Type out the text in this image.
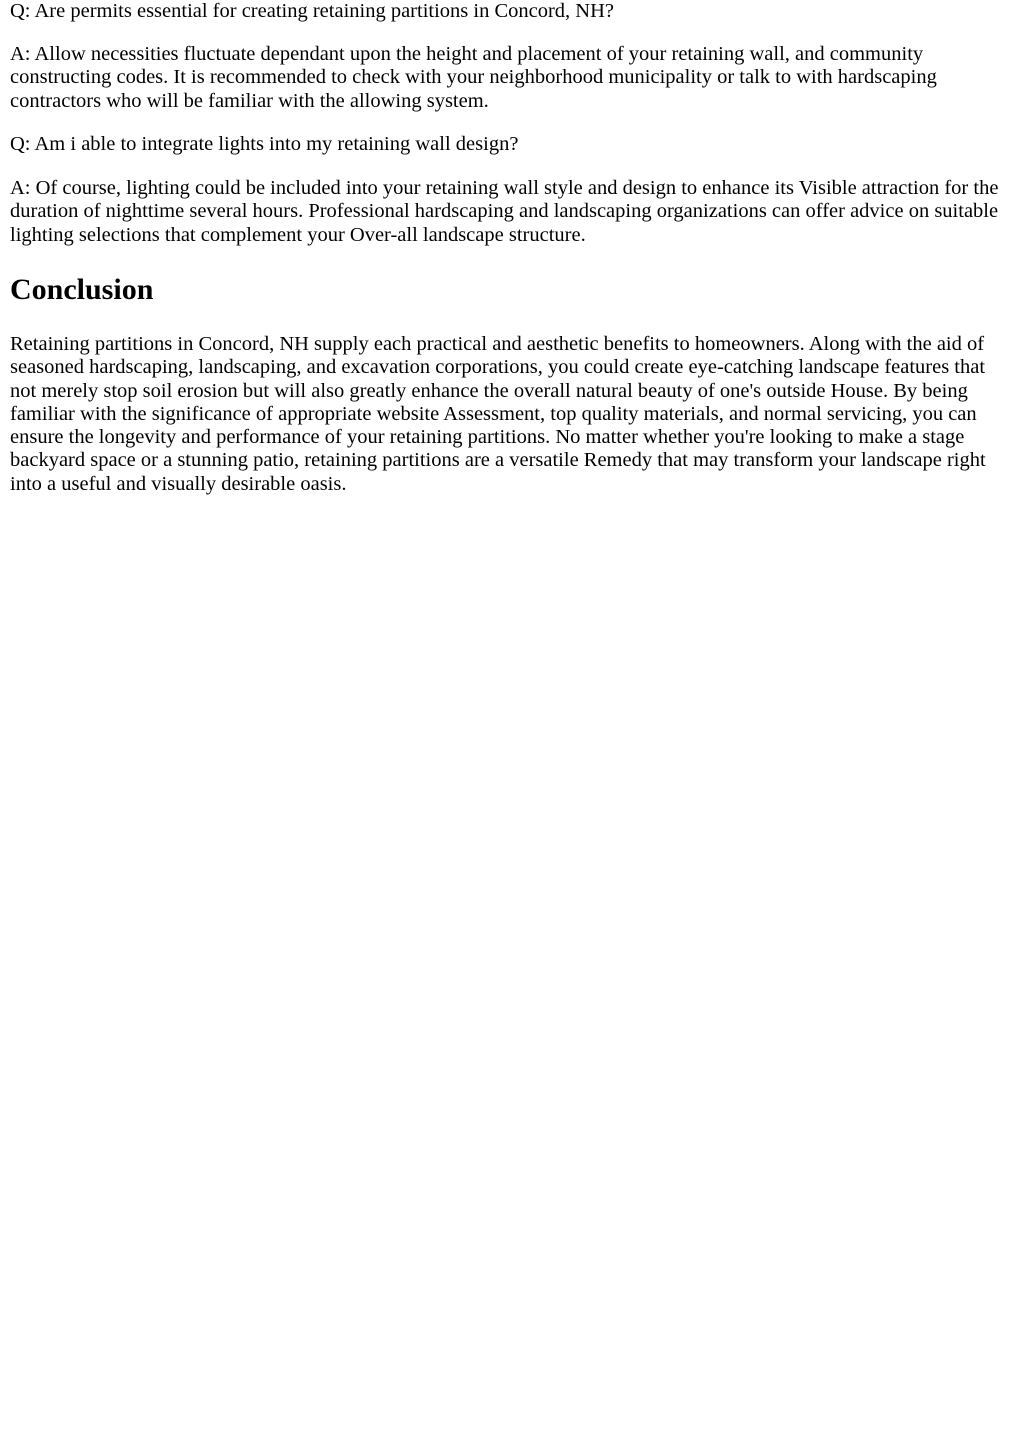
Q: Are permits essential for creating retaining partitions in Concord, NH?

A: Allow necessities fluctuate dependant upon the height and placement of your retaining wall, and community constructing codes. It is recommended to check with your neighborhood municipality or talk to with hardscaping contractors who will be familiar with the allowing system.

Q: Am i able to integrate lights into my retaining wall design?

A: Of course, lighting could be included into your retaining wall style and design to enhance its Visible attraction for the duration of nighttime several hours. Professional hardscaping and landscaping organizations can offer advice on suitable lighting selections that complement your Over-all landscape structure.

Conclusion

Retaining partitions in Concord, NH supply each practical and aesthetic benefits to homeowners. Along with the aid of seasoned hardscaping, landscaping, and excavation corporations, you could create eye-catching landscape features that not merely stop soil erosion but will also greatly enhance the overall natural beauty of one's outside House. By being familiar with the significance of appropriate website Assessment, top quality materials, and normal servicing, you can ensure the longevity and performance of your retaining partitions. No matter whether you're looking to make a stage backyard space or a stunning patio, retaining partitions are a versatile Remedy that may transform your landscape right into a useful and visually desirable oasis.
